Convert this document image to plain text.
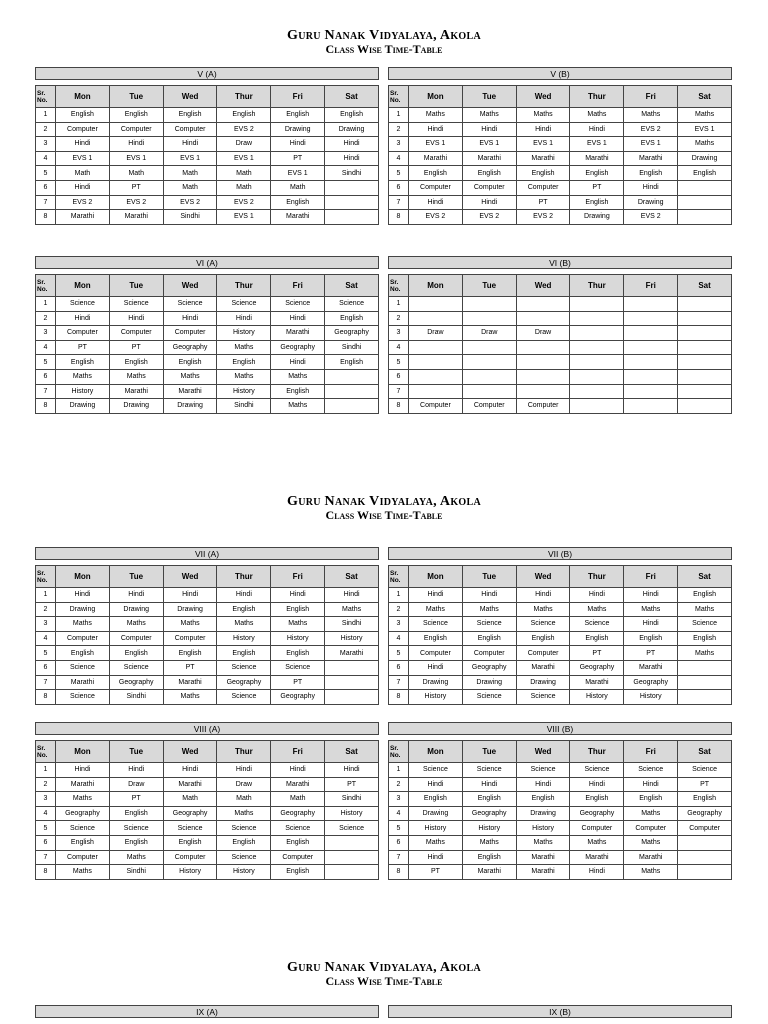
Guru Nanak Vidyalaya, Akola
Class Wise Time-Table
Guru Nanak Vidyalaya, Akola
Class Wise Time-Table
Guru Nanak Vidyalaya, Akola
Class Wise Time-Table
V (A)
Sr.
No.	Mon	Tue	Wed	Thur	Fri	Sat
1	English	English	English	English	English	English
2	Computer	Computer	Computer	EVS 2	Drawing	Drawing
3	Hindi	Hindi	Hindi	Draw	Hindi	Hindi
4	EVS 1	EVS 1	EVS 1	EVS 1	PT	Hindi
5	Math	Math	Math	Math	EVS 1	Sindhi
6	Hindi	PT	Math	Math	Math	
7	EVS 2	EVS 2	EVS 2	EVS 2	English	
8	Marathi	Marathi	Sindhi	EVS 1	Marathi	
V (B)
Sr.
No.	Mon	Tue	Wed	Thur	Fri	Sat
1	Maths	Maths	Maths	Maths	Maths	Maths
2	Hindi	Hindi	Hindi	Hindi	EVS 2	EVS 1
3	EVS 1	EVS 1	EVS 1	EVS 1	EVS 1	Maths
4	Marathi	Marathi	Marathi	Marathi	Marathi	Drawing
5	English	English	English	English	English	English
6	Computer	Computer	Computer	PT	Hindi	
7	Hindi	Hindi	PT	English	Drawing	
8	EVS 2	EVS 2	EVS 2	Drawing	EVS 2	
VI (A)
Sr.
No.	Mon	Tue	Wed	Thur	Fri	Sat
1	Science	Science	Science	Science	Science	Science
2	Hindi	Hindi	Hindi	Hindi	Hindi	English
3	Computer	Computer	Computer	History	Marathi	Geography
4	PT	PT	Geography	Maths	Geography	Sindhi
5	English	English	English	English	Hindi	English
6	Maths	Maths	Maths	Maths	Maths	
7	History	Marathi	Marathi	History	English	
8	Drawing	Drawing	Drawing	Sindhi	Maths	
VI (B)
Sr.
No.	Mon	Tue	Wed	Thur	Fri	Sat
1						
2						
3	Draw	Draw	Draw			
4						
5						
6						
7						
8	Computer	Computer	Computer			
VII (A)
Sr.
No.	Mon	Tue	Wed	Thur	Fri	Sat
1	Hindi	Hindi	Hindi	Hindi	Hindi	Hindi
2	Drawing	Drawing	Drawing	English	English	Maths
3	Maths	Maths	Maths	Maths	Maths	Sindhi
4	Computer	Computer	Computer	History	History	History
5	English	English	English	English	English	Marathi
6	Science	Science	PT	Science	Science	
7	Marathi	Geography	Marathi	Geography	PT	
8	Science	Sindhi	Maths	Science	Geography	
VII (B)
Sr.
No.	Mon	Tue	Wed	Thur	Fri	Sat
1	Hindi	Hindi	Hindi	Hindi	Hindi	English
2	Maths	Maths	Maths	Maths	Maths	Maths
3	Science	Science	Science	Science	Hindi	Science
4	English	English	English	English	English	English
5	Computer	Computer	Computer	PT	PT	Maths
6	Hindi	Geography	Marathi	Geography	Marathi	
7	Drawing	Drawing	Drawing	Marathi	Geography	
8	History	Science	Science	History	History	
VIII (A)
Sr.
No.	Mon	Tue	Wed	Thur	Fri	Sat
1	Hindi	Hindi	Hindi	Hindi	Hindi	Hindi
2	Marathi	Draw	Marathi	Draw	Marathi	PT
3	Maths	PT	Math	Math	Math	Sindhi
4	Geography	English	Geography	Maths	Geography	History
5	Science	Science	Science	Science	Science	Science
6	English	English	English	English	English	
7	Computer	Maths	Computer	Science	Computer	
8	Maths	Sindhi	History	History	English	
VIII (B)
Sr.
No.	Mon	Tue	Wed	Thur	Fri	Sat
1	Science	Science	Science	Science	Science	Science
2	Hindi	Hindi	Hindi	Hindi	Hindi	PT
3	English	English	English	English	English	English
4	Drawing	Geography	Drawing	Geography	Maths	Geography
5	History	History	History	Computer	Computer	Computer
6	Maths	Maths	Maths	Maths	Maths	
7	Hindi	English	Marathi	Marathi	Marathi	
8	PT	Marathi	Marathi	Hindi	Maths	
IX (A)	IX (B)
